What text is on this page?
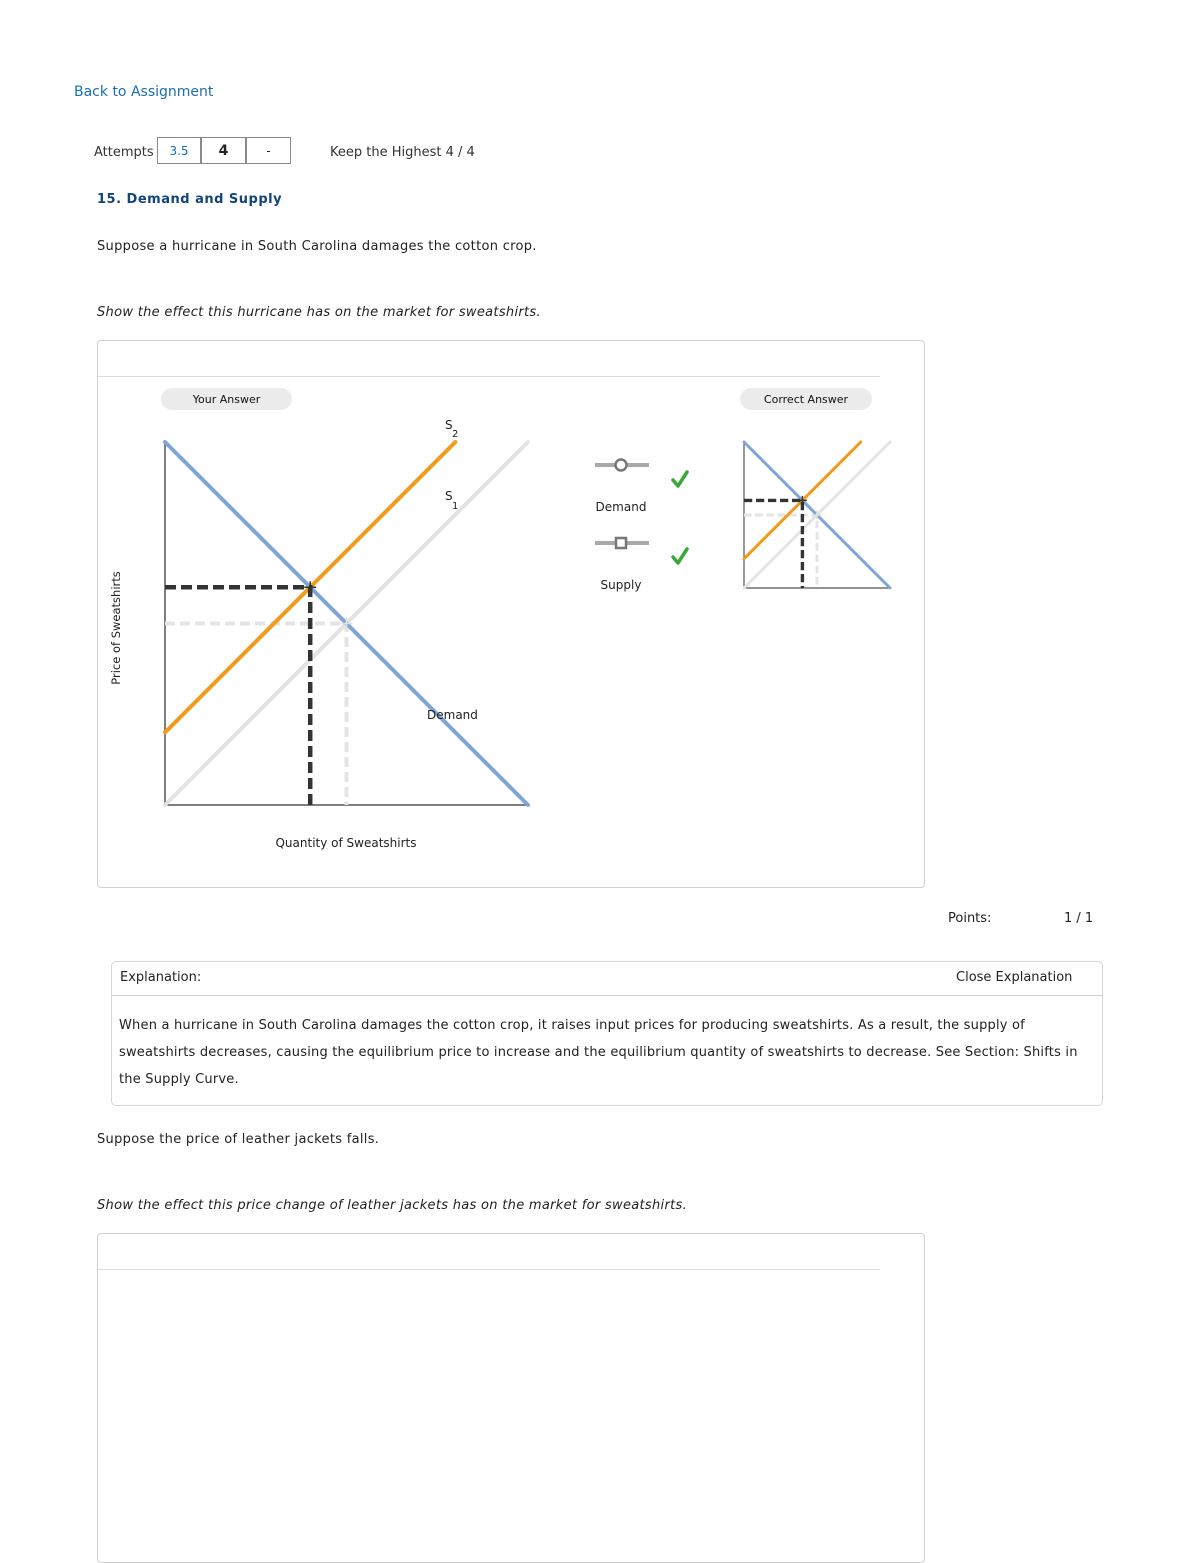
Back to Assignment
Attempts	3.5	4	-	Keep the Highest 4 / 4
15. Demand and Supply
Suppose a hurricane in South Carolina damages the cotton crop.
Show the effect this hurricane has on the market for sweatshirts.
Your Answer	Correct Answer
Price of Sweatshirts
Quantity of Sweatshirts
Demand
S
2
S
1	Demand
Supply
Points:	1 / 1
Explanation:	Close Explanation
When a hurricane in South Carolina damages the cotton crop, it raises input prices for producing sweatshirts. As a result, the supply of
sweatshirts decreases, causing the equilibrium price to increase and the equilibrium quantity of sweatshirts to decrease. See Section: Shifts in
the Supply Curve.
Suppose the price of leather jackets falls.
Show the effect this price change of leather jackets has on the market for sweatshirts.
